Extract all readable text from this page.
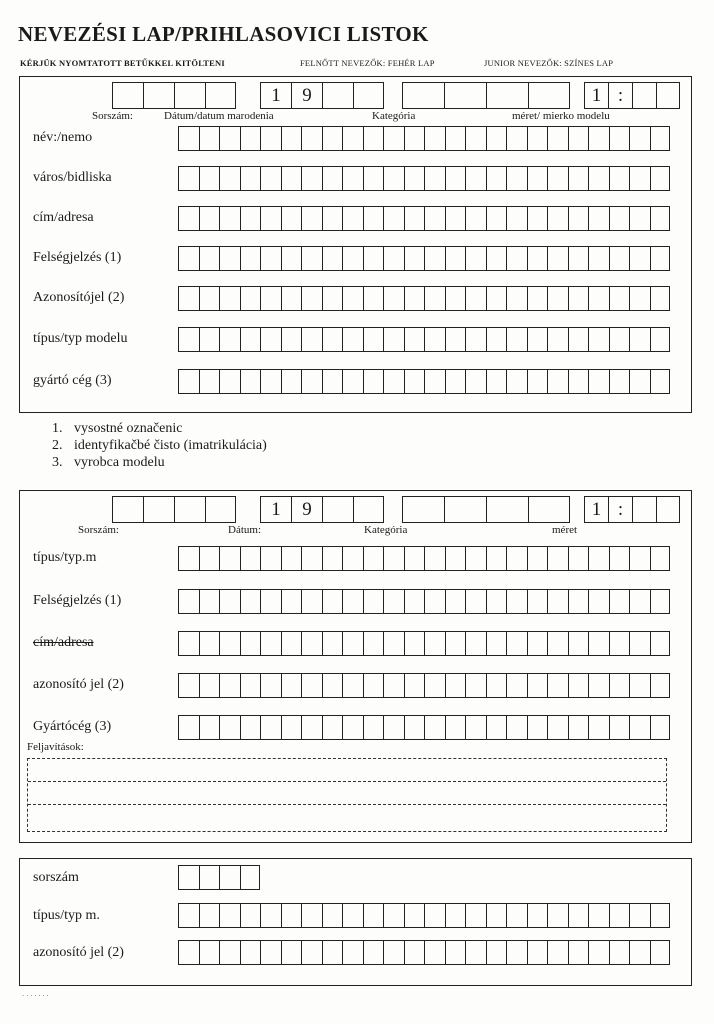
NEVEZÉSI LAP/PRIHLASOVICI LISTOK
KÉRJÜK NYOMTATOTT BETŰKKEL KITÖLTENI	FELNŐTT NEVEZŐK: FEHÉR LAP	JUNIOR NEVEZŐK: SZÍNES LAP
1	9	1 :
Sorszám:	Dátum/datum marodenia	Kategória	méret/ mierko modelu
név:/nemo
város/bidliska
cím/adresa
Felségjelzés (1)
Azonosítójel (2)
típus/typ modelu
gyártó cég (3)
1. vysostné označenic
2. identyfikačbé čisto (imatrikulácia)
3. vyrobca modelu
1	9	1 :
Sorszám:	Dátum:	Kategória	méret
típus/typ.m
Felségjelzés (1)
cím/adresa
azonosító jel (2)
Gyártócég (3)
Feljavítások:
sorszám
típus/typ m.
azonosító jel (2)
· · · · · · ·
